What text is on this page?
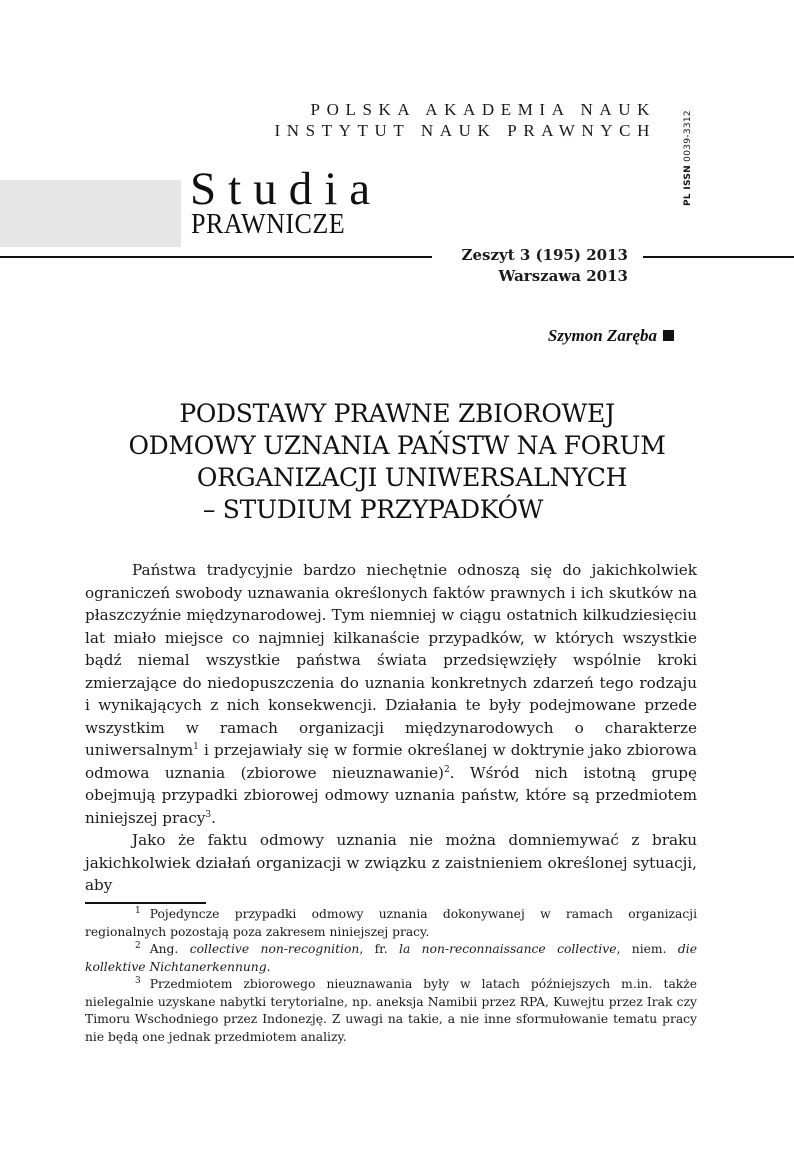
POLSKA AKADEMIA NAUK
INSTYTUT NAUK PRAWNYCH
PL ISSN 0039-3312
Studia
PRAWNICZE
Zeszyt 3 (195) 2013
Warszawa 2013
Szymon Zaręba
PODSTAWY PRAWNE ZBIOROWEJ
ODMOWY UZNANIA PAŃSTW NA FORUM
ORGANIZACJI UNIWERSALNYCH
– STUDIUM PRZYPADKÓW

Państwa tradycyjnie bardzo niechętnie odnoszą się do jakichkolwiek ograniczeń swobody uznawania określonych faktów prawnych i ich skutków na płaszczyźnie międzynarodowej. Tym niemniej w ciągu ostatnich kilkudziesięciu lat miało miejsce co najmniej kilkanaście przypadków, w których wszystkie bądź niemal wszystkie państwa świata przedsięwzięły wspólnie kroki zmierzające do niedopuszczenia do uznania konkretnych zdarzeń tego rodzaju i wynikających z nich konsekwencji. Działania te były podejmowane przede wszystkim w ramach organizacji międzynarodowych o charakterze uniwersalnym$^1$ i przejawiały się w formie określanej w doktrynie jako zbiorowa odmowa uznania (zbiorowe nieuznawanie)$^2$. Wśród nich istotną grupę obejmują przypadki zbiorowej odmowy uznania państw, które są przedmiotem niniejszej pracy$^3$.

Jako że faktu odmowy uznania nie można domniemywać z braku jakichkolwiek działań organizacji w związku z zaistnieniem określonej sytuacji, aby

$^1$ Pojedyncze przypadki odmowy uznania dokonywanej w ramach organizacji regionalnych pozostają poza zakresem niniejszej pracy.

$^2$ Ang. collective non-recognition, fr. la non-reconnaissance collective, niem. die kollektive Nichtanerkennung.

$^3$ Przedmiotem zbiorowego nieuznawania były w latach późniejszych m.in. także nielegalnie uzyskane nabytki terytorialne, np. aneksja Namibii przez RPA, Kuwejtu przez Irak czy Timoru Wschodniego przez Indonezję. Z uwagi na takie, a nie inne sformułowanie tematu pracy nie będą one jednak przedmiotem analizy.
